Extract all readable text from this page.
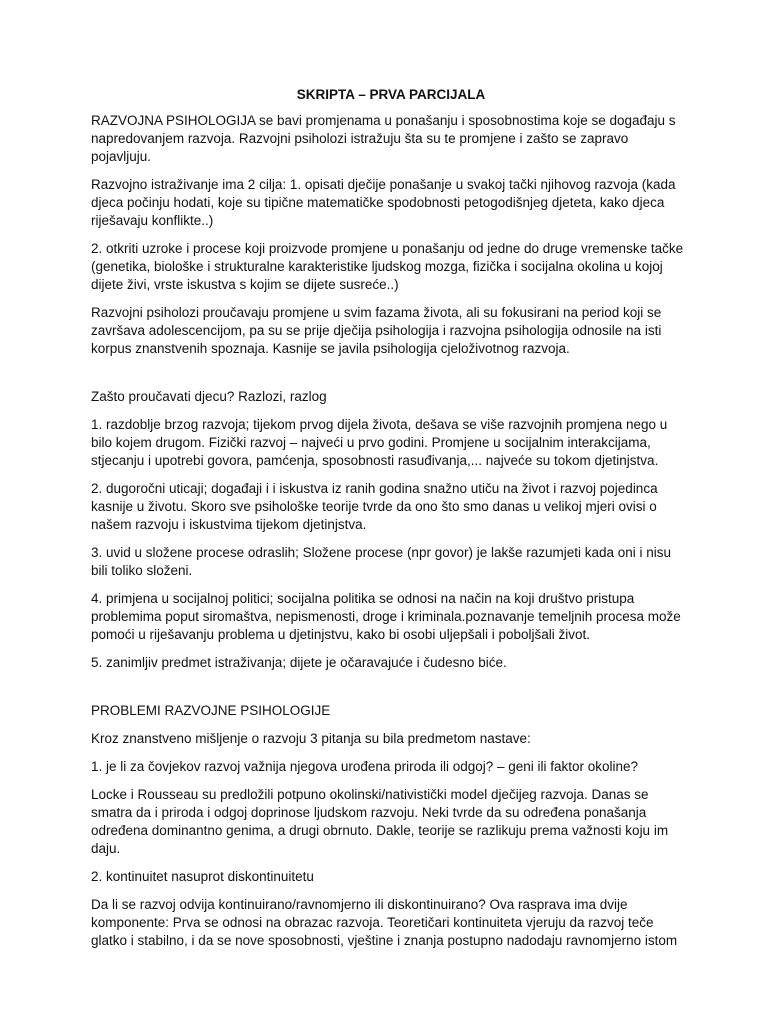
SKRIPTA – PRVA PARCIJALA

RAZVOJNA PSIHOLOGIJA se bavi promjenama u ponašanju i sposobnostima koje se događaju s napredovanjem razvoja. Razvojni psiholozi istražuju šta su te promjene i zašto se zapravo pojavljuju.

Razvojno istraživanje ima 2 cilja: 1. opisati dječije ponašanje u svakoj tački njihovog razvoja (kada djeca počinju hodati, koje su tipične matematičke spodobnosti petogodišnjeg djeteta, kako djeca riješavaju konflikte..)

2. otkriti uzroke i procese koji proizvode promjene u ponašanju od jedne do druge vremenske tačke (genetika, biološke i strukturalne karakteristike ljudskog mozga, fizička i socijalna okolina u kojoj dijete živi, vrste iskustva s kojim se dijete susreće..)

Razvojni psiholozi proučavaju promjene u svim fazama života, ali su fokusirani na period koji se završava adolescencijom, pa su se prije dječija psihologija i razvojna psihologija odnosile na isti korpus znanstvenih spoznaja. Kasnije se javila psihologija cjeloživotnog razvoja.

Zašto proučavati djecu? Razlozi, razlog

1. razdoblje brzog razvoja; tijekom prvog dijela života, dešava se više razvojnih promjena nego u bilo kojem drugom. Fizički razvoj – najveći u prvo godini. Promjene u socijalnim interakcijama, stjecanju i upotrebi govora, pamćenja, sposobnosti rasuđivanja,... najveće su tokom djetinjstva.

2. dugoročni uticaji; događaji i i iskustva iz ranih godina snažno utiču na život i razvoj pojedinca kasnije u životu. Skoro sve psihološke teorije tvrde da ono što smo danas u velikoj mjeri ovisi o našem razvoju i iskustvima tijekom djetinjstva.

3. uvid u složene procese odraslih; Složene procese (npr govor) je lakše razumjeti kada oni i nisu bili toliko složeni.

4. primjena u socijalnoj politici; socijalna politika se odnosi na način na koji društvo pristupa problemima poput siromaštva, nepismenosti, droge i kriminala.poznavanje temeljnih procesa može pomoći u riješavanju problema u djetinjstvu, kako bi osobi uljepšali i poboljšali život.

5. zanimljiv predmet istraživanja; dijete je očaravajuće i čudesno biće.

PROBLEMI RAZVOJNE PSIHOLOGIJE

Kroz znanstveno mišljenje o razvoju 3 pitanja su bila predmetom nastave:

1. je li za čovjekov razvoj važnija njegova urođena priroda ili odgoj? – geni ili faktor okoline?

Locke i Rousseau su predložili potpuno okolinski/nativistički model dječijeg razvoja. Danas se smatra da i priroda i odgoj doprinose ljudskom razvoju. Neki tvrde da su određena ponašanja određena dominantno genima, a drugi obrnuto. Dakle, teorije se razlikuju prema važnosti koju im daju.

2. kontinuitet nasuprot diskontinuitetu

Da li se razvoj odvija kontinuirano/ravnomjerno ili diskontinuirano? Ova rasprava ima dvije komponente: Prva se odnosi na obrazac razvoja. Teoretičari kontinuiteta vjeruju da razvoj teče glatko i stabilno, i da se nove sposobnosti, vještine i znanja postupno nadodaju ravnomjerno istom
